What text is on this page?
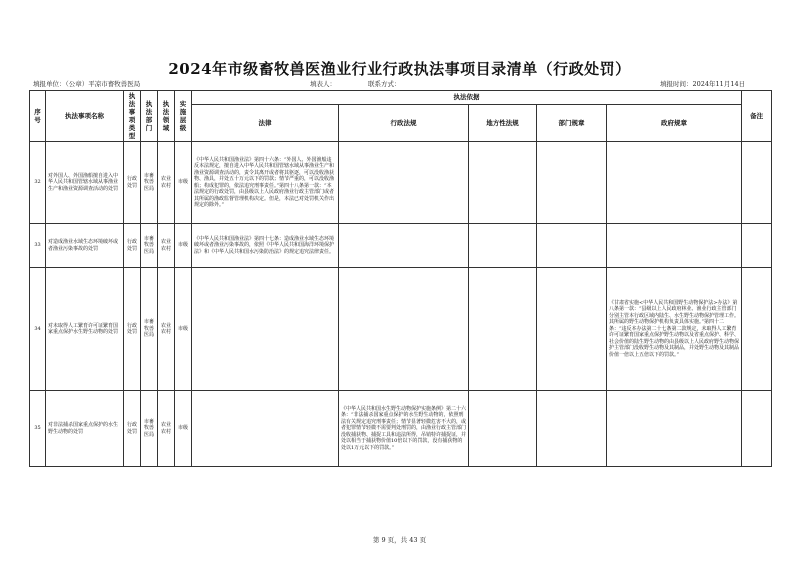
2024年市级畜牧兽医渔业行业行政执法事项目录清单（行政处罚）
填报单位：（公章）平凉市畜牧兽医局	填表人：	联系方式：	填报时间：2024年11月14日
序号	执法事项名称	执法事项类型	执法部门	执法领域	实施层级	执法依据					备注
						法律	行政法规	地方性法规	部门规章	政府规章	
32	对外国人、外国渔船擅自进入中华人民共和国管辖水域从事渔业生产和渔业资源调查活动的处罚	行政处罚	市畜牧兽医局	农业农村	市级	《中华人民共和国渔业法》第四十六条：“外国人、外国渔船违反本法规定，擅自进入中华人民共和国管辖水域从事渔业生产和渔业资源调查活动的，责令其离开或者将其驱逐，可以没收渔获物、渔具，并处五十万元以下的罚款；情节严重的，可以没收渔船；构成犯罪的，依法追究刑事责任。”第四十八条第一款：“本法规定的行政处罚，由县级以上人民政府渔业行政主管部门或者其所属的渔政监督管理机构决定。但是，本法已对处罚机关作出规定的除外。”					
33	对造成渔业水域生态环境破坏或者渔业污染事故的处罚	行政处罚	市畜牧兽医局	农业农村	市级	《中华人民共和国渔业法》第四十七条：造成渔业水域生态环境破坏或者渔业污染事故的，依照《中华人民共和国海洋环境保护法》和《中华人民共和国水污染防治法》的规定追究法律责任。					
34	对未取得人工繁育许可证繁育国家重点保护水生野生动物的处罚	行政处罚	市畜牧兽医局	农业农村	市级					《甘肃省实施<中华人民共和国野生动物保护法>办法》第八条第一款：“县级以上人民政府林业、渔业行政主管部门分别主管本行政区域内陆生、水生野生动物保护管理工作。其所属的野生动物保护机构负责具体实施。”第四十二条：“违反本办法第二十七条第二款规定，未取得人工繁育许可证繁育国家重点保护野生动物以及省重点保护、科学、社会价值的陆生野生动物的由县级以上人民政府野生动物保护主管部门没收野生动物及其制品，并处野生动物及其制品价值一倍以上五倍以下的罚款。”	
35	对非法捕杀国家重点保护的水生野生动物的处罚	行政处罚	市畜牧兽医局	农业农村	市级		《中华人民共和国水生野生动物保护实施条例》第二十六条：“非法捕杀国家重点保护的水生野生动物的，依照刑法有关规定追究刑事责任；情节显著轻微危害不大的，或者犯罪情节轻微不需要判处刑罚的，由渔业行政主管部门没收捕获物、捕捉工具和违法所得，吊销特许捕捉证，并处以相当于捕获物价值10倍以下的罚款，没有捕获物的处以1万元以下的罚款。”				
第 9 页，共 43 页
